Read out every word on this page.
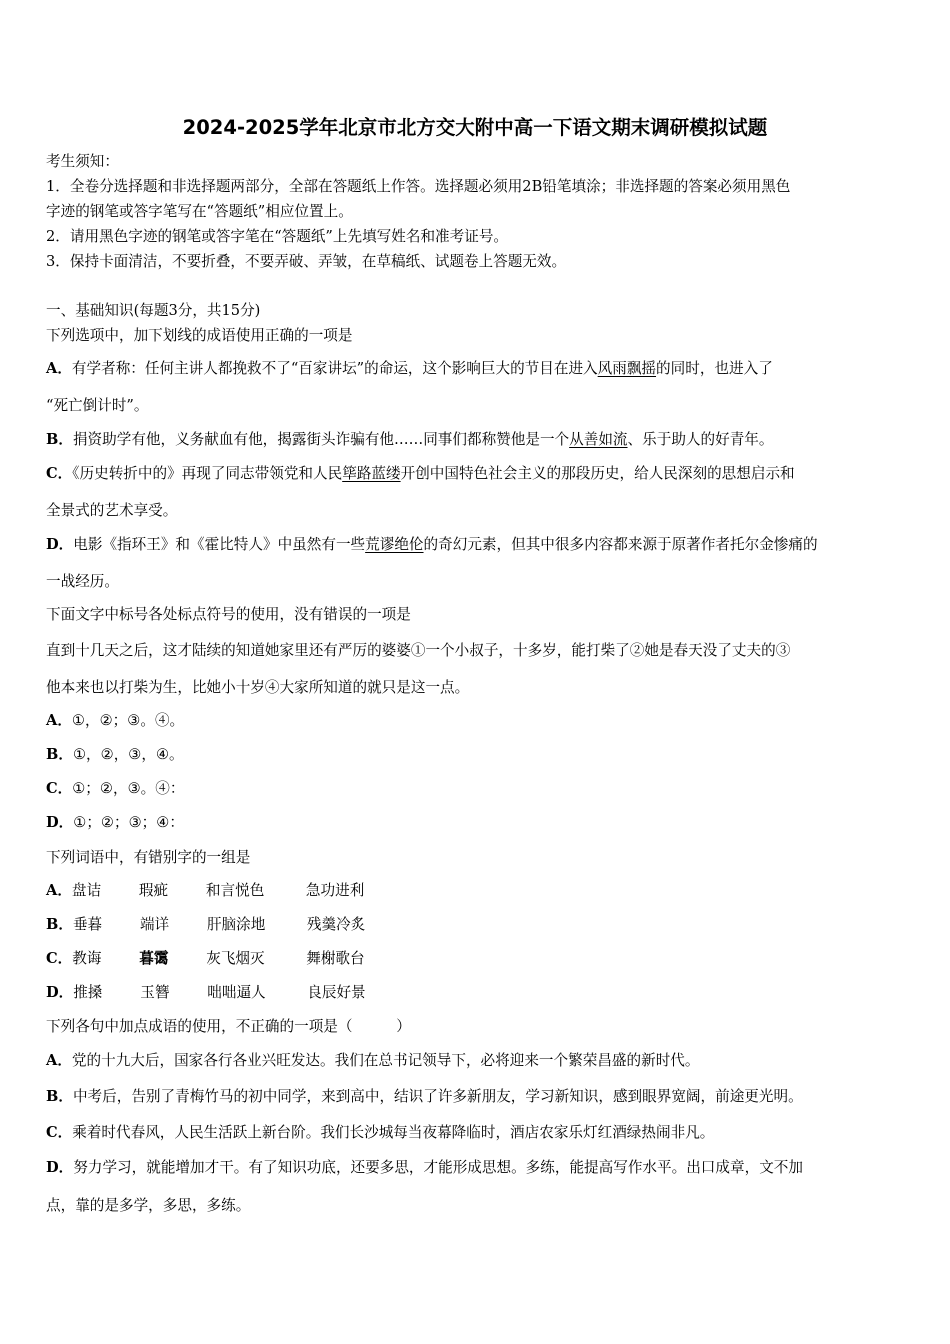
2024-2025学年北京市北方交大附中高一下语文期末调研模拟试题
考生须知：
1．全卷分选择题和非选择题两部分，全部在答题纸上作答。选择题必须用2B铅笔填涂；非选择题的答案必须用黑色
字迹的钢笔或答字笔写在“答题纸”相应位置上。
2．请用黑色字迹的钢笔或答字笔在“答题纸”上先填写姓名和准考证号。
3．保持卡面清洁，不要折叠，不要弄破、弄皱，在草稿纸、试题卷上答题无效。
一、基础知识(每题3分，共15分)
下列选项中，加下划线的成语使用正确的一项是
A．有学者称：任何主讲人都挽救不了“百家讲坛”的命运，这个影响巨大的节目在进入风雨飘摇的同时，也进入了
“死亡倒计时”。
B．捐资助学有他，义务献血有他，揭露街头诈骗有他……同事们都称赞他是一个从善如流、乐于助人的好青年。
C．《历史转折中的》再现了同志带领党和人民筚路蓝缕开创中国特色社会主义的那段历史，给人民深刻的思想启示和
全景式的艺术享受。
D．电影《指环王》和《霍比特人》中虽然有一些荒谬绝伦的奇幻元素，但其中很多内容都来源于原著作者托尔金惨痛的
一战经历。
下面文字中标号各处标点符号的使用，没有错误的一项是
直到十几天之后，这才陆续的知道她家里还有严厉的婆婆①一个小叔子，十多岁，能打柴了②她是春天没了丈夫的③
他本来也以打柴为生，比她小十岁④大家所知道的就只是这一点。
A．①，②；③。④。
B．①，②，③，④。
C．①；②，③。④：
D．①；②；③；④：
下列词语中，有错别字的一组是
A．盘诘	瑕疵	和言悦色	急功进利
B．垂暮	端详	肝脑涂地	残羹冷炙
C．教诲	暮霭	灰飞烟灭	舞榭歌台
D．推搡	玉簪	咄咄逼人	良辰好景
下列各句中加点成语的使用，不正确的一项是（　　　）
A．党的十九大后，国家各行各业兴旺发达。我们在总书记领导下，必将迎来一个繁荣昌盛的新时代。
B．中考后，告别了青梅竹马的初中同学，来到高中，结识了许多新朋友，学习新知识，感到眼界宽阔，前途更光明。
C．乘着时代春风，人民生活跃上新台阶。我们长沙城每当夜幕降临时，酒店农家乐灯红酒绿热闹非凡。
D．努力学习，就能增加才干。有了知识功底，还要多思，才能形成思想。多练，能提高写作水平。出口成章，文不加
点，靠的是多学，多思，多练。
